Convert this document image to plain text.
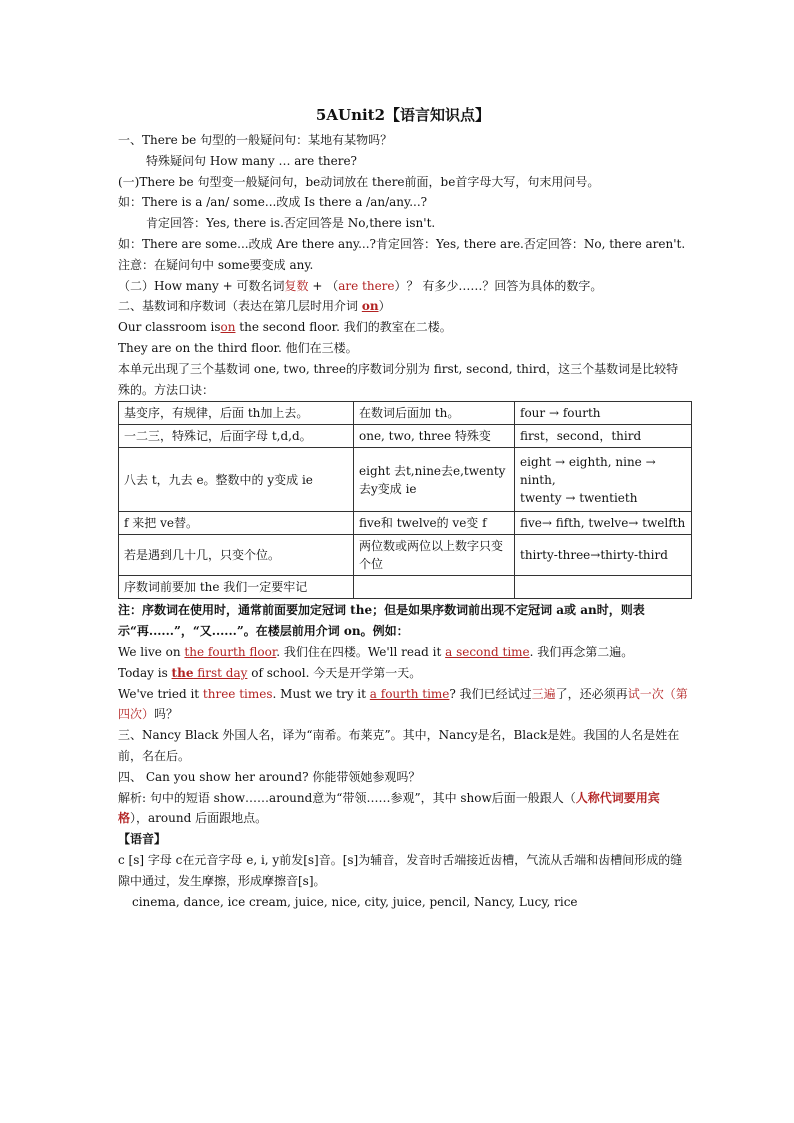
5AUnit2【语言知识点】

一、There be 句型的一般疑问句：某地有某物吗？

特殊疑问句 How many … are there?

(一)There be 句型变一般疑问句，be动词放在 there前面，be首字母大写，句末用问号。

如：There is a /an/ some...改成 Is there a /an/any...?

肯定回答：Yes, there is.否定回答是 No,there isn't.

如：There are some...改成 Are there any...?肯定回答：Yes, there are.否定回答：No, there aren't.

注意：在疑问句中 some要变成 any.

（二）How many + 可数名词复数 + （are there）？ 有多少……？回答为具体的数字。

二、基数词和序数词（表达在第几层时用介词 on）

Our classroom ison the second floor. 我们的教室在二楼。

They are on the third floor. 他们在三楼。

本单元出现了三个基数词 one, two, three的序数词分别为 first, second, third，这三个基数词是比较特殊的。方法口诀：

基变序，有规律，后面 th加上去。	在数词后面加 th。	four → fourth
一二三，特殊记，后面字母 t,d,d。	one, two, three 特殊变	first，second，third
八去 t，九去 e。整数中的 y变成 ie	eight 去t,nine去e,twenty去y变成 ie	eight → eighth, nine → ninth,
twenty → twentieth
f 来把 ve替。	five和 twelve的 ve变 f	five→ fifth, twelve→ twelfth
若是遇到几十几，只变个位。	两位数或两位以上数字只变个位	thirty-three→thirty-third
序数词前要加 the 我们一定要牢记		

注：序数词在使用时，通常前面要加定冠词 the；但是如果序数词前出现不定冠词 a或 an时，则表示“再......”，“又......”。在楼层前用介词 on。例如：

We live on the fourth floor. 我们住在四楼。We'll read it a second time. 我们再念第二遍。

Today is the first day of school. 今天是开学第一天。

We've tried it three times. Must we try it a fourth time? 我们已经试过三遍了，还必须再试一次（第四次）吗？

三、Nancy Black 外国人名，译为“南希。布莱克”。其中，Nancy是名，Black是姓。我国的人名是姓在前，名在后。

四、 Can you show her around? 你能带领她参观吗？

解析: 句中的短语 show……around意为“带领……参观”，其中 show后面一般跟人（人称代词要用宾格），around 后面跟地点。

【语音】

c [s] 字母 c在元音字母 e, i, y前发[s]音。[s]为辅音，发音时舌端接近齿槽，气流从舌端和齿槽间形成的缝隙中通过，发生摩擦，形成摩擦音[s]。

cinema, dance, ice cream, juice, nice, city, juice, pencil, Nancy, Lucy, rice
